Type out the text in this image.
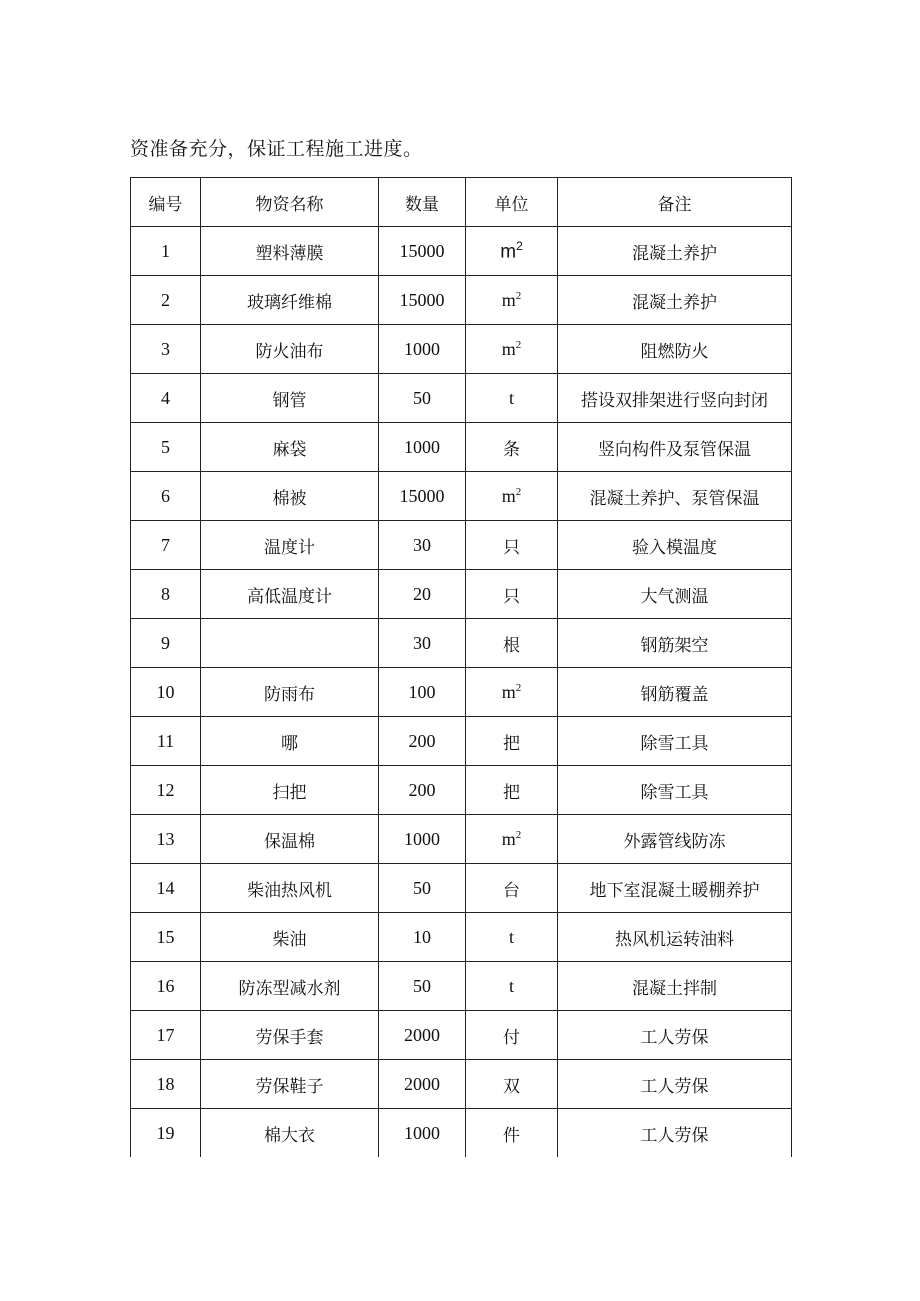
资准备充分，保证工程施工进度。
编号	物资名称	数量	单位	备注
1	塑料薄膜	15000	$m^2$	混凝土养护
2	玻璃纤维棉	15000	$m^2$	混凝土养护
3	防火油布	1000	$m^2$	阻燃防火
4	钢管	50	t	搭设双排架进行竖向封闭
5	麻袋	1000	条	竖向构件及泵管保温
6	棉被	15000	$m^2$	混凝土养护、泵管保温
7	温度计	30	只	验入模温度
8	高低温度计	20	只	大气测温
9		30	根	钢筋架空
10	防雨布	100	$m^2$	钢筋覆盖
11	哪	200	把	除雪工具
12	扫把	200	把	除雪工具
13	保温棉	1000	$m^2$	外露管线防冻
14	柴油热风机	50	台	地下室混凝土暖棚养护
15	柴油	10	t	热风机运转油料
16	防冻型减水剂	50	t	混凝土拌制
17	劳保手套	2000	付	工人劳保
18	劳保鞋子	2000	双	工人劳保
19	棉大衣	1000	件	工人劳保
